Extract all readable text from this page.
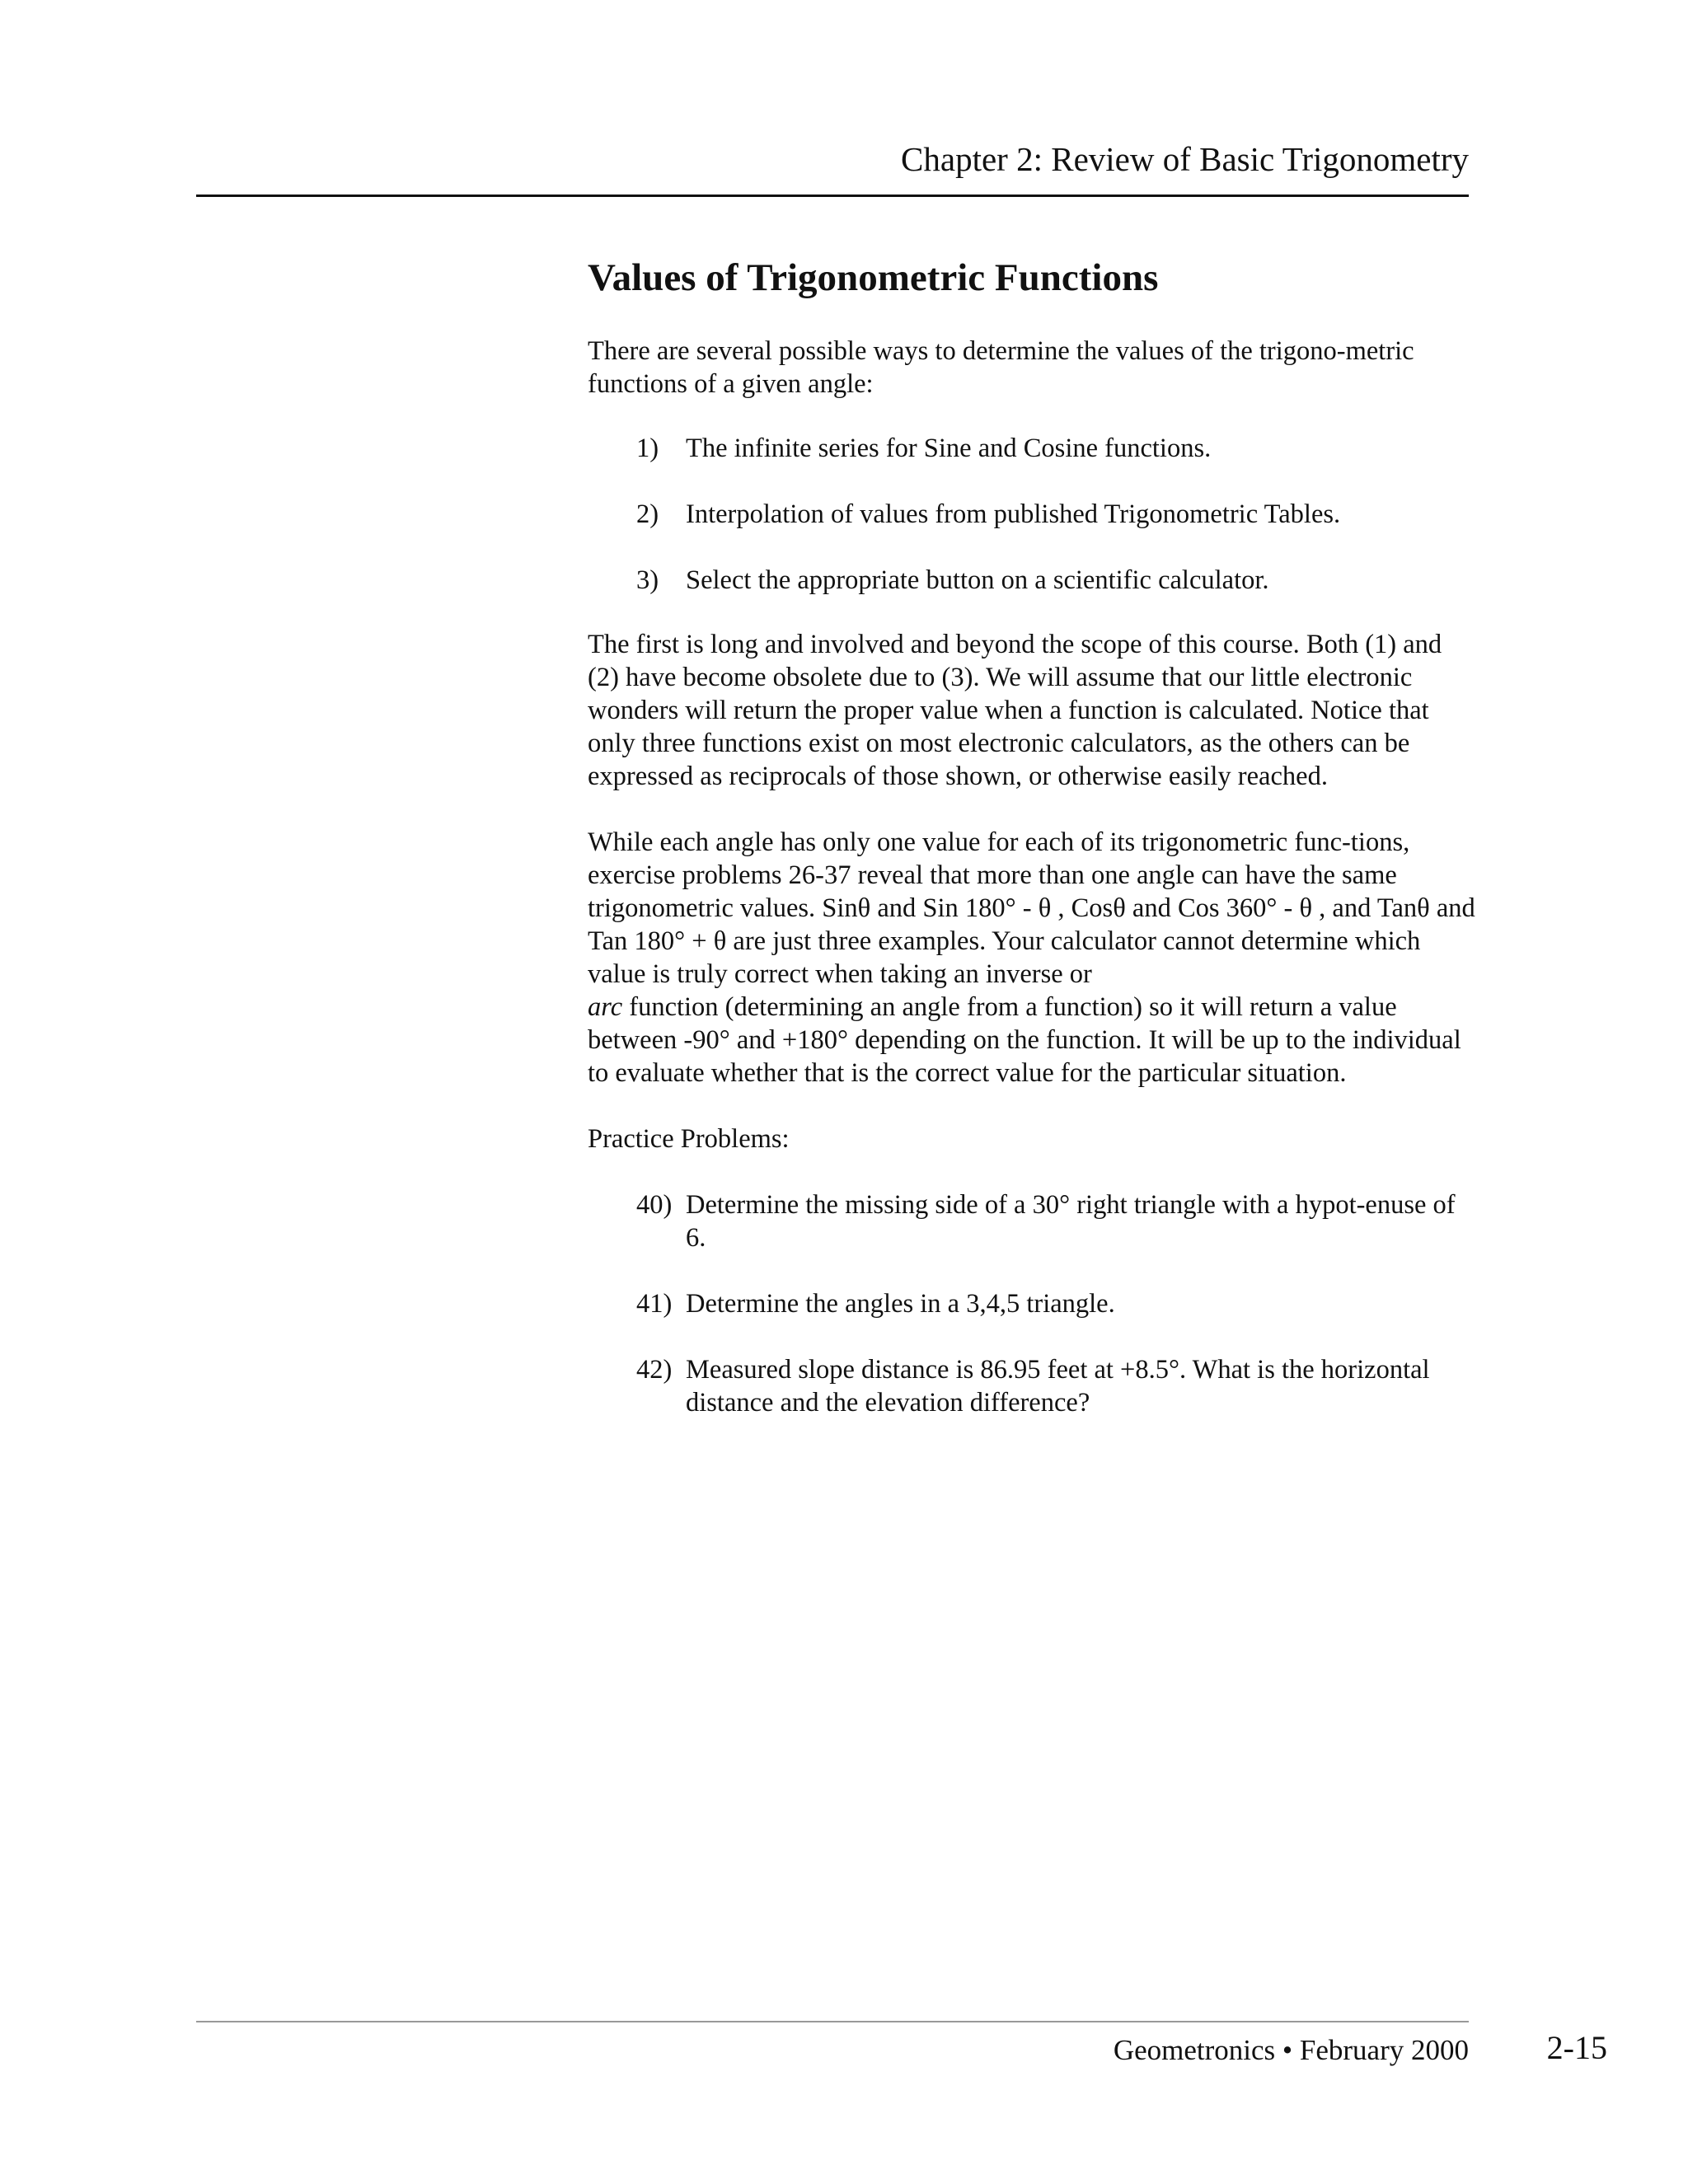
Chapter 2: Review of Basic Trigonometry
Values of Trigonometric Functions

There are several possible ways to determine the values of the trigono-metric functions of a given angle:

1)	The infinite series for Sine and Cosine functions.
2)	Interpolation of values from published Trigonometric Tables.
3)	Select the appropriate button on a scientific calculator.

The first is long and involved and beyond the scope of this course. Both (1) and (2) have become obsolete due to (3). We will assume that our little electronic wonders will return the proper value when a function is calculated. Notice that only three functions exist on most electronic calculators, as the others can be expressed as reciprocals of those shown, or otherwise easily reached.

While each angle has only one value for each of its trigonometric func-tions, exercise problems 26-37 reveal that more than one angle can have the same trigonometric values. Sinθ and Sin 180° - θ , Cosθ and Cos 360° - θ , and Tanθ and Tan 180° + θ are just three examples. Your calculator cannot determine which value is truly correct when taking an inverse or
arc function (determining an angle from a function) so it will return a value between -90° and +180° depending on the function. It will be up to the individual to evaluate whether that is the correct value for the particular situation.

Practice Problems:

40) Determine the missing side of a 30° right triangle with a hypot-enuse of 6.
41) Determine the angles in a 3,4,5 triangle.
42) Measured slope distance is 86.95 feet at +8.5°. What is the horizontal distance and the elevation difference?
Geometronics • February 2000	2-15
